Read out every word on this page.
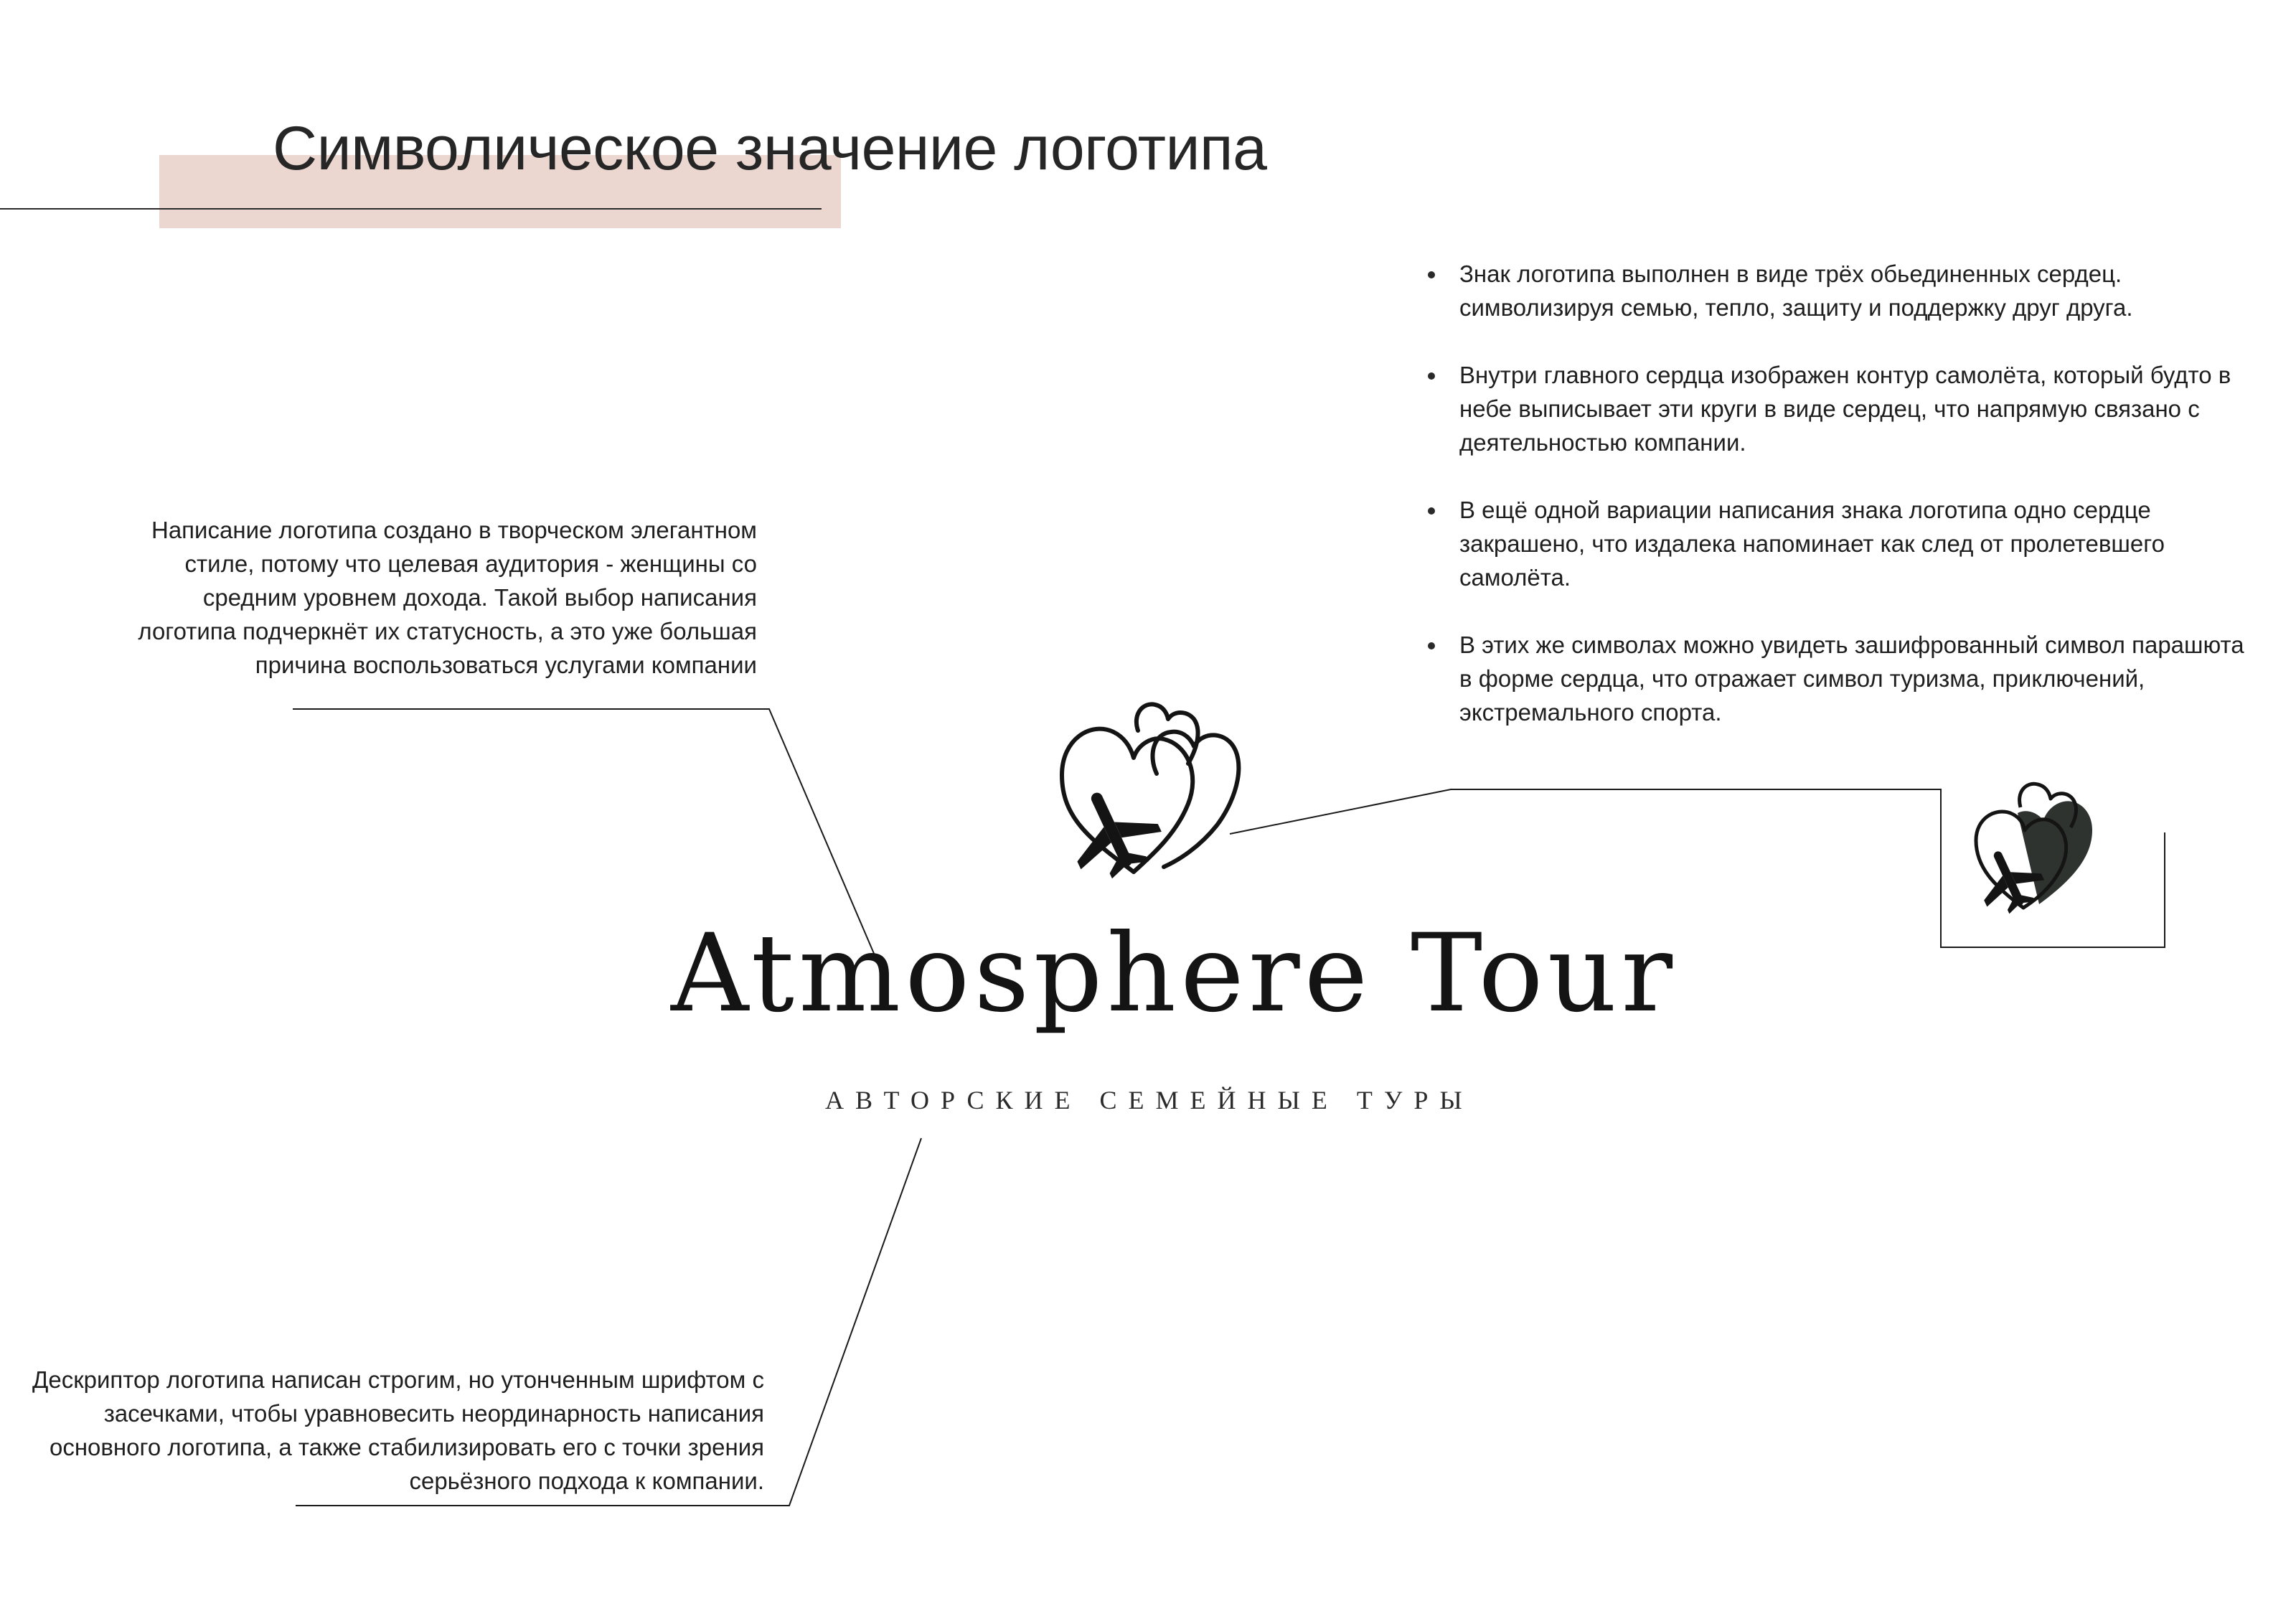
Символическое значение логотипа

Написание логотипа создано в творческом элегантном стиле, потому что целевая аудитория - женщины со средним уровнем дохода. Такой выбор написания логотипа подчеркнёт их статусность, а это уже большая причина воспользоваться услугами компании

Дескриптор логотипа написан строгим, но утонченным шрифтом с засечками, чтобы уравновесить неординарность написания основного логотипа, а также стабилизировать его с точки зрения серьёзного подхода к компании.

Знак логотипа выполнен в виде трёх обьединенных сердец. символизируя семью, тепло, защиту и поддержку друг друга.
Внутри главного сердца изображен контур самолёта, который будто в небе выписывает эти круги в виде сердец, что напрямую связано с деятельностью компании.
В ещё одной вариации написания знака логотипа одно сердце закрашено, что издалека напоминает как след от пролетевшего самолёта.
В этих же символах можно увидеть зашифрованный символ парашюта в форме сердца, что отражает символ туризма, приключений, экстремального спорта.
Atmosphere Tour
АВТОРСКИЕ СЕМЕЙНЫЕ ТУРЫ
